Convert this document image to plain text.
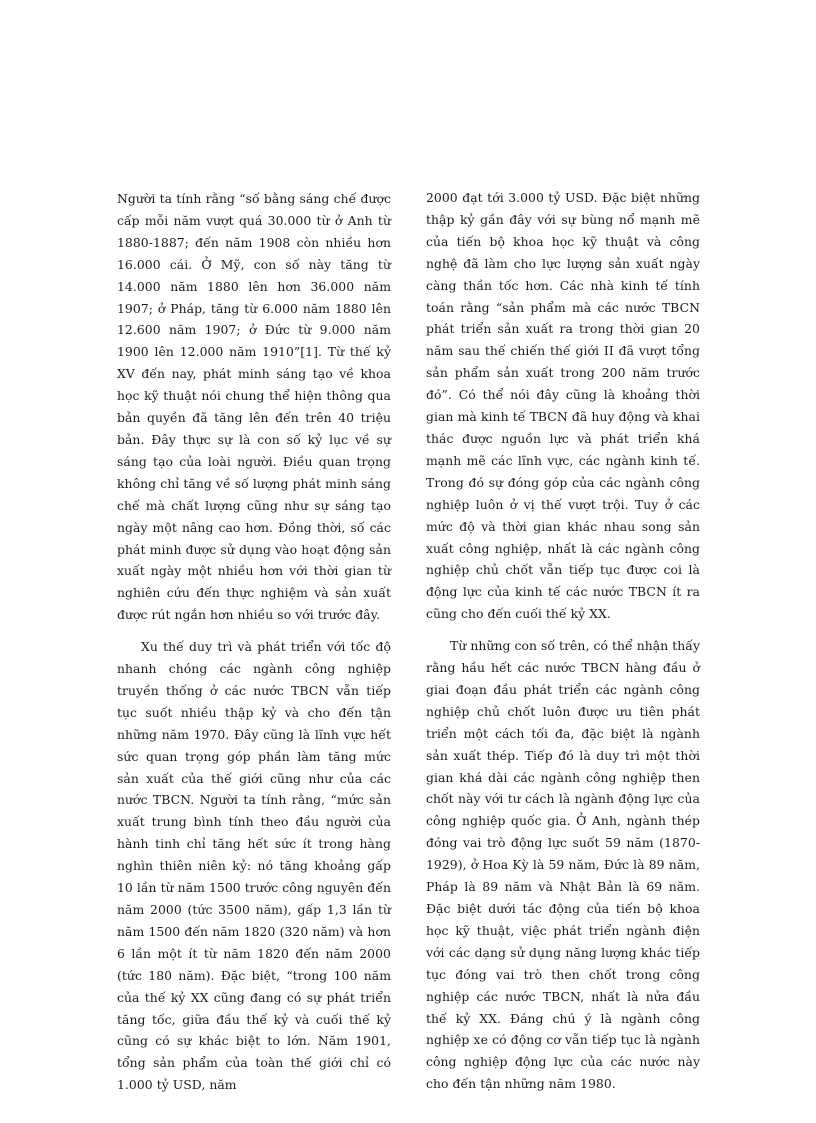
Người ta tính rằng “số bằng sáng chế được cấp mỗi năm vượt quá 30.000 từ ở Anh từ 1880-1887; đến năm 1908 còn nhiều hơn 16.000 cái. Ở Mỹ, con số này tăng từ 14.000 năm 1880 lên hơn 36.000 năm 1907; ở Pháp, tăng từ 6.000 năm 1880 lên 12.600 năm 1907; ở Đức từ 9.000 năm 1900 lên 12.000 năm 1910”[1]. Từ thế kỷ XV đến nay, phát minh sáng tạo về khoa học kỹ thuật nói chung thể hiện thông qua bản quyền đã tăng lên đến trên 40 triệu bản. Đây thực sự là con số kỷ lục về sự sáng tạo của loài người. Điều quan trọng không chỉ tăng về số lượng phát minh sáng chế mà chất lượng cũng như sự sáng tạo ngày một nâng cao hơn. Đồng thời, số các phát minh được sử dụng vào hoạt động sản xuất ngày một nhiều hơn với thời gian từ nghiên cứu đến thực nghiệm và sản xuất được rút ngắn hơn nhiều so với trước đây.

Xu thế duy trì và phát triển với tốc độ nhanh chóng các ngành công nghiệp truyền thống ở các nước TBCN vẫn tiếp tục suốt nhiều thập kỷ và cho đến tận những năm 1970. Đây cũng là lĩnh vực hết sức quan trọng góp phần làm tăng mức sản xuất của thế giới cũng như của các nước TBCN. Người ta tính rằng, “mức sản xuất trung bình tính theo đầu người của hành tinh chỉ tăng hết sức ít trong hàng nghìn thiên niên kỷ: nó tăng khoảng gấp 10 lần từ năm 1500 trước công nguyên đến năm 2000 (tức 3500 năm), gấp 1,3 lần từ năm 1500 đến năm 1820 (320 năm) và hơn 6 lần một ít từ năm 1820 đến năm 2000 (tức 180 năm). Đặc biệt, “trong 100 năm của thế kỷ XX cũng đang có sự phát triển tăng tốc, giữa đầu thế kỷ và cuối thế kỷ cũng có sự khác biệt to lớn. Năm 1901, tổng sản phẩm của toàn thế giới chỉ có 1.000 tỷ USD, năm

2000 đạt tới 3.000 tỷ USD. Đặc biệt những thập kỷ gần đây với sự bùng nổ mạnh mẽ của tiến bộ khoa học kỹ thuật và công nghệ đã làm cho lực lượng sản xuất ngày càng thần tốc hơn. Các nhà kinh tế tính toán rằng “sản phẩm mà các nước TBCN phát triển sản xuất ra trong thời gian 20 năm sau thế chiến thế giới II đã vượt tổng sản phẩm sản xuất trong 200 năm trước đó”. Có thể nói đây cũng là khoảng thời gian mà kinh tế TBCN đã huy động và khai thác được nguồn lực và phát triển khá mạnh mẽ các lĩnh vực, các ngành kinh tế. Trong đó sự đóng góp của các ngành công nghiệp luôn ở vị thế vượt trội. Tuy ở các mức độ và thời gian khác nhau song sản xuất công nghiệp, nhất là các ngành công nghiệp chủ chốt vẫn tiếp tục được coi là động lực của kinh tế các nước TBCN ít ra cũng cho đến cuối thế kỷ XX.

Từ những con số trên, có thể nhận thấy rằng hầu hết các nước TBCN hàng đầu ở giai đoạn đầu phát triển các ngành công nghiệp chủ chốt luôn được ưu tiên phát triển một cách tối đa, đặc biệt là ngành sản xuất thép. Tiếp đó là duy trì một thời gian khá dài các ngành công nghiệp then chốt này với tư cách là ngành động lực của công nghiệp quốc gia. Ở Anh, ngành thép đóng vai trò động lực suốt 59 năm (1870-1929), ở Hoa Kỳ là 59 năm, Đức là 89 năm, Pháp là 89 năm và Nhật Bản là 69 năm. Đặc biệt dưới tác động của tiến bộ khoa học kỹ thuật, việc phát triển ngành điện với các dạng sử dụng năng lượng khác tiếp tục đóng vai trò then chốt trong công nghiệp các nước TBCN, nhất là nửa đầu thế kỷ XX. Đáng chú ý là ngành công nghiệp xe có động cơ vẫn tiếp tục là ngành công nghiệp động lực của các nước này cho đến tận những năm 1980.
